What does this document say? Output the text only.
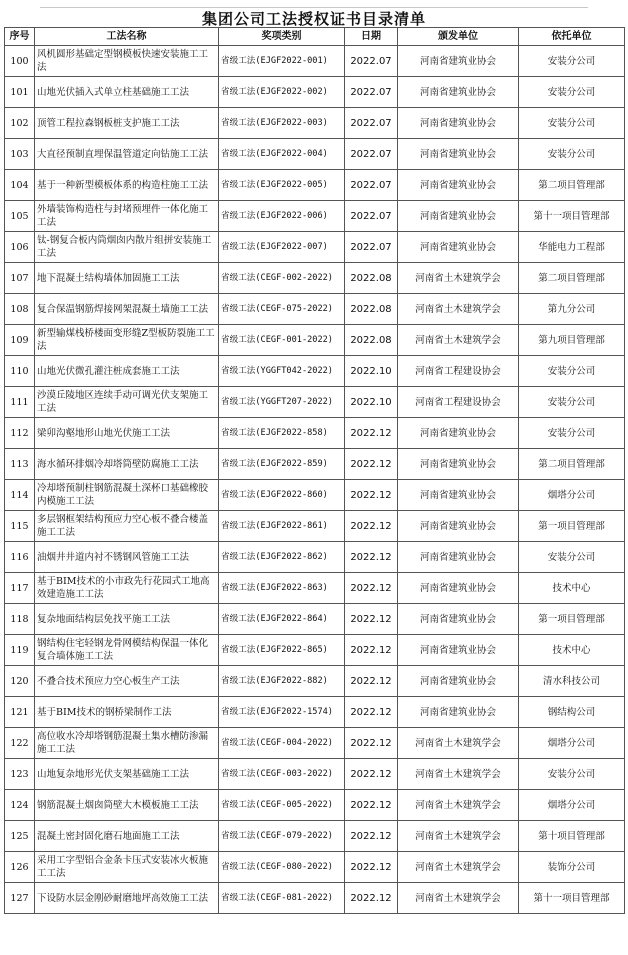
集团公司工法授权证书目录清单
序号	工法名称	奖项类别	日期	颁发单位	依托单位
100	风机圆形基础定型钢模板快速安装施工工法	省级工法(EJGF2022-001)	2022.07	河南省建筑业协会	安装分公司
101	山地光伏插入式单立柱基础施工工法	省级工法(EJGF2022-002)	2022.07	河南省建筑业协会	安装分公司
102	顶管工程拉森钢板桩支护施工工法	省级工法(EJGF2022-003)	2022.07	河南省建筑业协会	安装分公司
103	大直径预制直埋保温管道定向钻施工工法	省级工法(EJGF2022-004)	2022.07	河南省建筑业协会	安装分公司
104	基于一种新型模板体系的构造柱施工工法	省级工法(EJGF2022-005)	2022.07	河南省建筑业协会	第二项目管理部
105	外墙装饰构造柱与封堵预埋件一体化施工工法	省级工法(EJGF2022-006)	2022.07	河南省建筑业协会	第十一项目管理部
106	钛-钢复合板内筒烟囱内散片组拼安装施工工法	省级工法(EJGF2022-007)	2022.07	河南省建筑业协会	华能电力工程部
107	地下混凝土结构墙体加固施工工法	省级工法(CEGF-002-2022)	2022.08	河南省土木建筑学会	第二项目管理部
108	复合保温钢筋焊接网架混凝土墙施工工法	省级工法(CEGF-075-2022)	2022.08	河南省土木建筑学会	第九分公司
109	新型输煤栈桥楼面变形缝Z型板防裂施工工法	省级工法(CEGF-001-2022)	2022.08	河南省土木建筑学会	第九项目管理部
110	山地光伏微孔灌注桩成套施工工法	省级工法(YGGFT042-2022)	2022.10	河南省工程建设协会	安装分公司
111	沙漠丘陵地区连续手动可调光伏支架施工工法	省级工法(YGGFT207-2022)	2022.10	河南省工程建设协会	安装分公司
112	梁卯沟壑地形山地光伏施工工法	省级工法(EJGF2022-858)	2022.12	河南省建筑业协会	安装分公司
113	海水循环排烟冷却塔筒壁防腐施工工法	省级工法(EJGF2022-859)	2022.12	河南省建筑业协会	第二项目管理部
114	冷却塔预制柱钢筋混凝土深杯口基础橡胶内模施工工法	省级工法(EJGF2022-860)	2022.12	河南省建筑业协会	烟塔分公司
115	多层钢框架结构预应力空心板不叠合楼盖施工工法	省级工法(EJGF2022-861)	2022.12	河南省建筑业协会	第一项目管理部
116	油烟井井道内衬不锈钢风管施工工法	省级工法(EJGF2022-862)	2022.12	河南省建筑业协会	安装分公司
117	基于BIM技术的小市政先行花园式工地高效建造施工工法	省级工法(EJGF2022-863)	2022.12	河南省建筑业协会	技术中心
118	复杂地面结构层免找平施工工法	省级工法(EJGF2022-864)	2022.12	河南省建筑业协会	第一项目管理部
119	钢结构住宅轻钢龙骨网模结构保温一体化复合墙体施工工法	省级工法(EJGF2022-865)	2022.12	河南省建筑业协会	技术中心
120	不叠合技术预应力空心板生产工法	省级工法(EJGF2022-882)	2022.12	河南省建筑业协会	清水科技公司
121	基于BIM技术的钢桥梁制作工法	省级工法(EJGF2022-1574)	2022.12	河南省建筑业协会	钢结构公司
122	高位收水冷却塔钢筋混凝土集水槽防渗漏施工工法	省级工法(CEGF-004-2022)	2022.12	河南省土木建筑学会	烟塔分公司
123	山地复杂地形光伏支架基础施工工法	省级工法(CEGF-003-2022)	2022.12	河南省土木建筑学会	安装分公司
124	钢筋混凝土烟囱筒壁大木模板施工工法	省级工法(CEGF-005-2022)	2022.12	河南省土木建筑学会	烟塔分公司
125	混凝土密封固化磨石地面施工工法	省级工法(CEGF-079-2022)	2022.12	河南省土木建筑学会	第十项目管理部
126	采用工字型铝合金条卡压式安装冰火板施工工法	省级工法(CEGF-080-2022)	2022.12	河南省土木建筑学会	装饰分公司
127	下设防水层金刚砂耐磨地坪高效施工工法	省级工法(CEGF-081-2022)	2022.12	河南省土木建筑学会	第十一项目管理部
